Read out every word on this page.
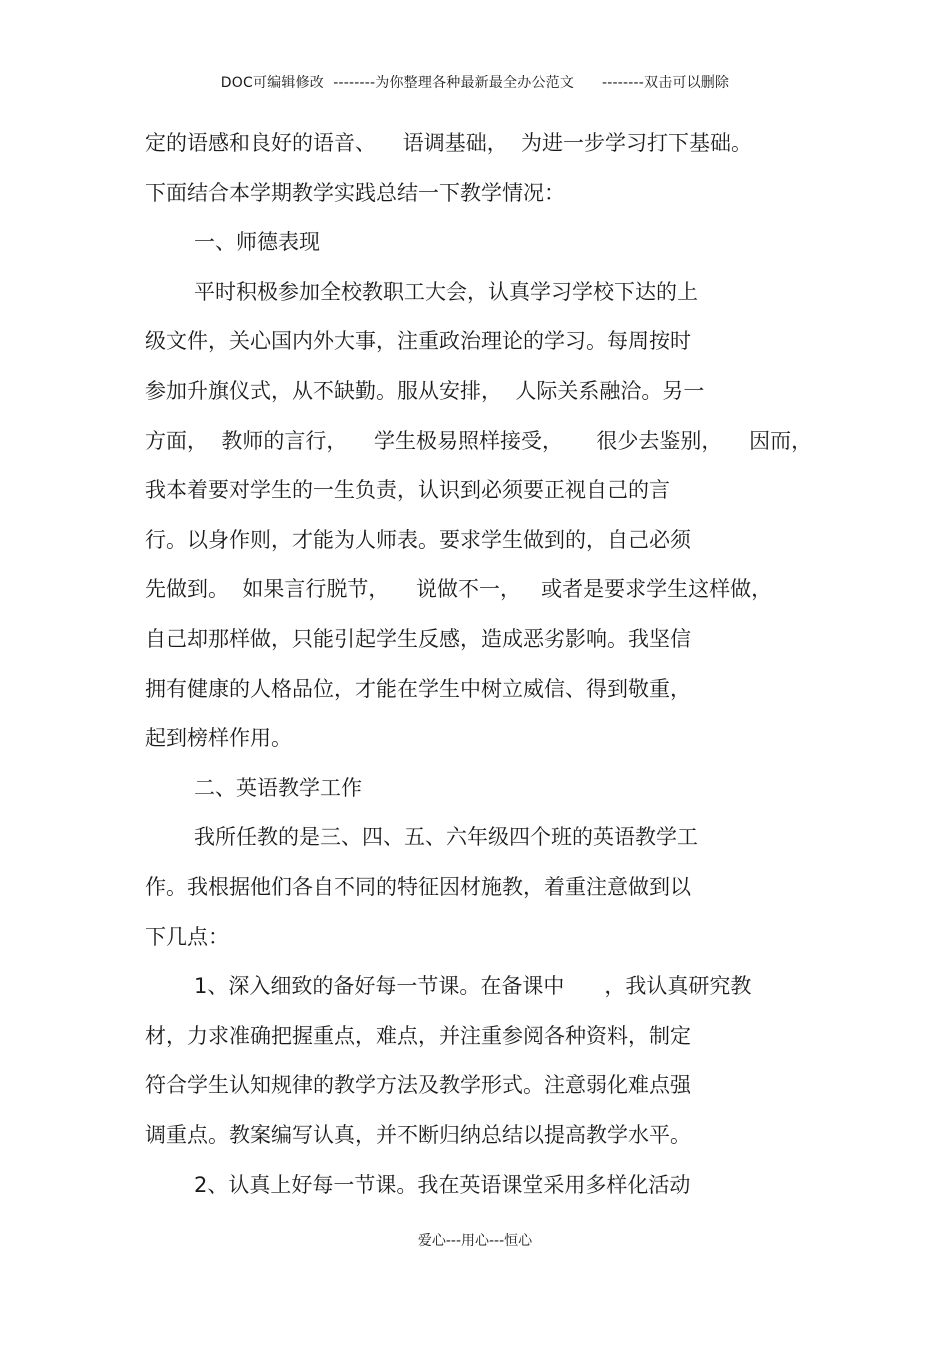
DOC可编辑修改  --------为你整理各种最新最全办公范文      --------双击可以删除
定的语感和良好的语音、    语调基础，  为进一步学习打下基础。
下面结合本学期教学实践总结一下教学情况：
一、师德表现
平时积极参加全校教职工大会，认真学习学校下达的上
级文件，关心国内外大事，注重政治理论的学习。每周按时
参加升旗仪式，从不缺勤。服从安排，  人际关系融洽。另一
方面，  教师的言行，    学生极易照样接受，     很少去鉴别，    因而，
我本着要对学生的一生负责，认识到必须要正视自己的言
行。以身作则，才能为人师表。要求学生做到的，自己必须
先做到。  如果言行脱节，    说做不一，   或者是要求学生这样做，
自己却那样做，只能引起学生反感，造成恶劣影响。我坚信
拥有健康的人格品位，才能在学生中树立威信、得到敬重，
起到榜样作用。
二、英语教学工作
我所任教的是三、四、五、六年级四个班的英语教学工
作。我根据他们各自不同的特征因材施教，着重注意做到以
下几点：
1、深入细致的备好每一节课。在备课中      ，我认真研究教
材，力求准确把握重点，难点，并注重参阅各种资料，制定
符合学生认知规律的教学方法及教学形式。注意弱化难点强
调重点。教案编写认真，并不断归纳总结以提高教学水平。
2、认真上好每一节课。我在英语课堂采用多样化活动
爱心---用心---恒心
